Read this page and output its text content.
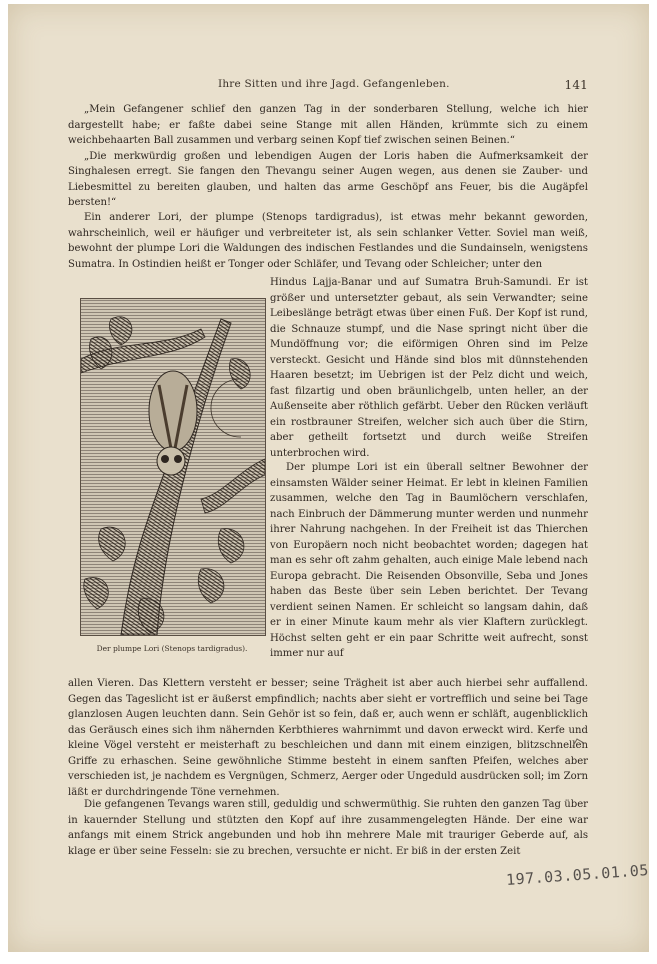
Ihre Sitten und ihre Jagd. Gefangenleben.	141

„Mein Gefangener schlief den ganzen Tag in der sonderbaren Stellung, welche ich hier dargestellt habe; er faßte dabei seine Stange mit allen Händen, krümmte sich zu einem weichbehaarten Ball zusammen und verbarg seinen Kopf tief zwischen seinen Beinen.“

„Die merkwürdig großen und lebendigen Augen der Loris haben die Aufmerksamkeit der Singhalesen erregt. Sie fangen den Thevangu seiner Augen wegen, aus denen sie Zauber- und Liebesmittel zu bereiten glauben, und halten das arme Geschöpf ans Feuer, bis die Augäpfel bersten!“

Ein anderer Lori, der plumpe (Stenops tardigradus), ist etwas mehr bekannt geworden, wahrscheinlich, weil er häufiger und verbreiteter ist, als sein schlanker Vetter. Soviel man weiß, bewohnt der plumpe Lori die Waldungen des indischen Festlandes und die Sundainseln, wenigstens Sumatra. In Ostindien heißt er Tonger oder Schläfer, und Tevang oder Schleicher; unter den
Hindus Lajja-Banar und auf Sumatra Bruh-Samundi. Er ist größer und untersetzter gebaut, als sein Verwandter; seine Leibeslänge beträgt etwas über einen Fuß. Der Kopf ist rund, die Schnauze stumpf, und die Nase springt nicht über die Mundöffnung vor; die eiförmigen Ohren sind im Pelze versteckt. Gesicht und Hände sind blos mit dünnstehenden Haaren besetzt; im Uebrigen ist der Pelz dicht und weich, fast filzartig und oben bräunlichgelb, unten heller, an der Außenseite aber röthlich gefärbt. Ueber den Rücken verläuft ein rostbrauner Streifen, welcher sich auch über die Stirn, aber getheilt fortsetzt und durch weiße Streifen unterbrochen wird.
Der plumpe Lori ist ein überall seltner Bewohner der einsamsten Wälder seiner Heimat. Er lebt in kleinen Familien zusammen, welche den Tag in Baumlöchern verschlafen, nach Einbruch der Dämmerung munter werden und nunmehr ihrer Nahrung nachgehen. In der Freiheit ist das Thierchen von Europäern noch nicht beobachtet worden; dagegen hat man es sehr oft zahm gehalten, auch einige Male lebend nach Europa gebracht. Die Reisenden Obsonville, Seba und Jones haben das Beste über sein Leben berichtet. Der Tevang verdient seinen Namen. Er schleicht so langsam dahin, daß er in einer Minute kaum mehr als vier Klaftern zurücklegt. Höchst selten geht er ein paar Schritte weit aufrecht, sonst immer nur auf
allen Vieren. Das Klettern versteht er besser; seine Trägheit ist aber auch hierbei sehr auffallend. Gegen das Tageslicht ist er äußerst empfindlich; nachts aber sieht er vortrefflich und seine bei Tage glanzlosen Augen leuchten dann. Sein Gehör ist so fein, daß er, auch wenn er schläft, augenblicklich das Geräusch eines sich ihm nähernden Kerbthieres wahrnimmt und davon erweckt wird. Kerfe und kleine Vögel versteht er meisterhaft zu beschleichen und dann mit einem einzigen, blitzschnellen Griffe zu erhaschen. Seine gewöhnliche Stimme besteht in einem sanften Pfeifen, welches aber verschieden ist, je nachdem es Vergnügen, Schmerz, Aerger oder Ungeduld ausdrücken soll; im Zorn läßt er durchdringende Töne vernehmen.
Die gefangenen Tevangs waren still, geduldig und schwermüthig. Sie ruhten den ganzen Tag über in kauernder Stellung und stützten den Kopf auf ihre zusammengelegten Hände. Der eine war anfangs mit einem Strick angebunden und hob ihn mehrere Male mit trauriger Geberde auf, als klage er über seine Fesseln: sie zu brechen, versuchte er nicht. Er biß in der ersten Zeit
Der plumpe Lori (Stenops tardigradus).
197.03.05.01.05
